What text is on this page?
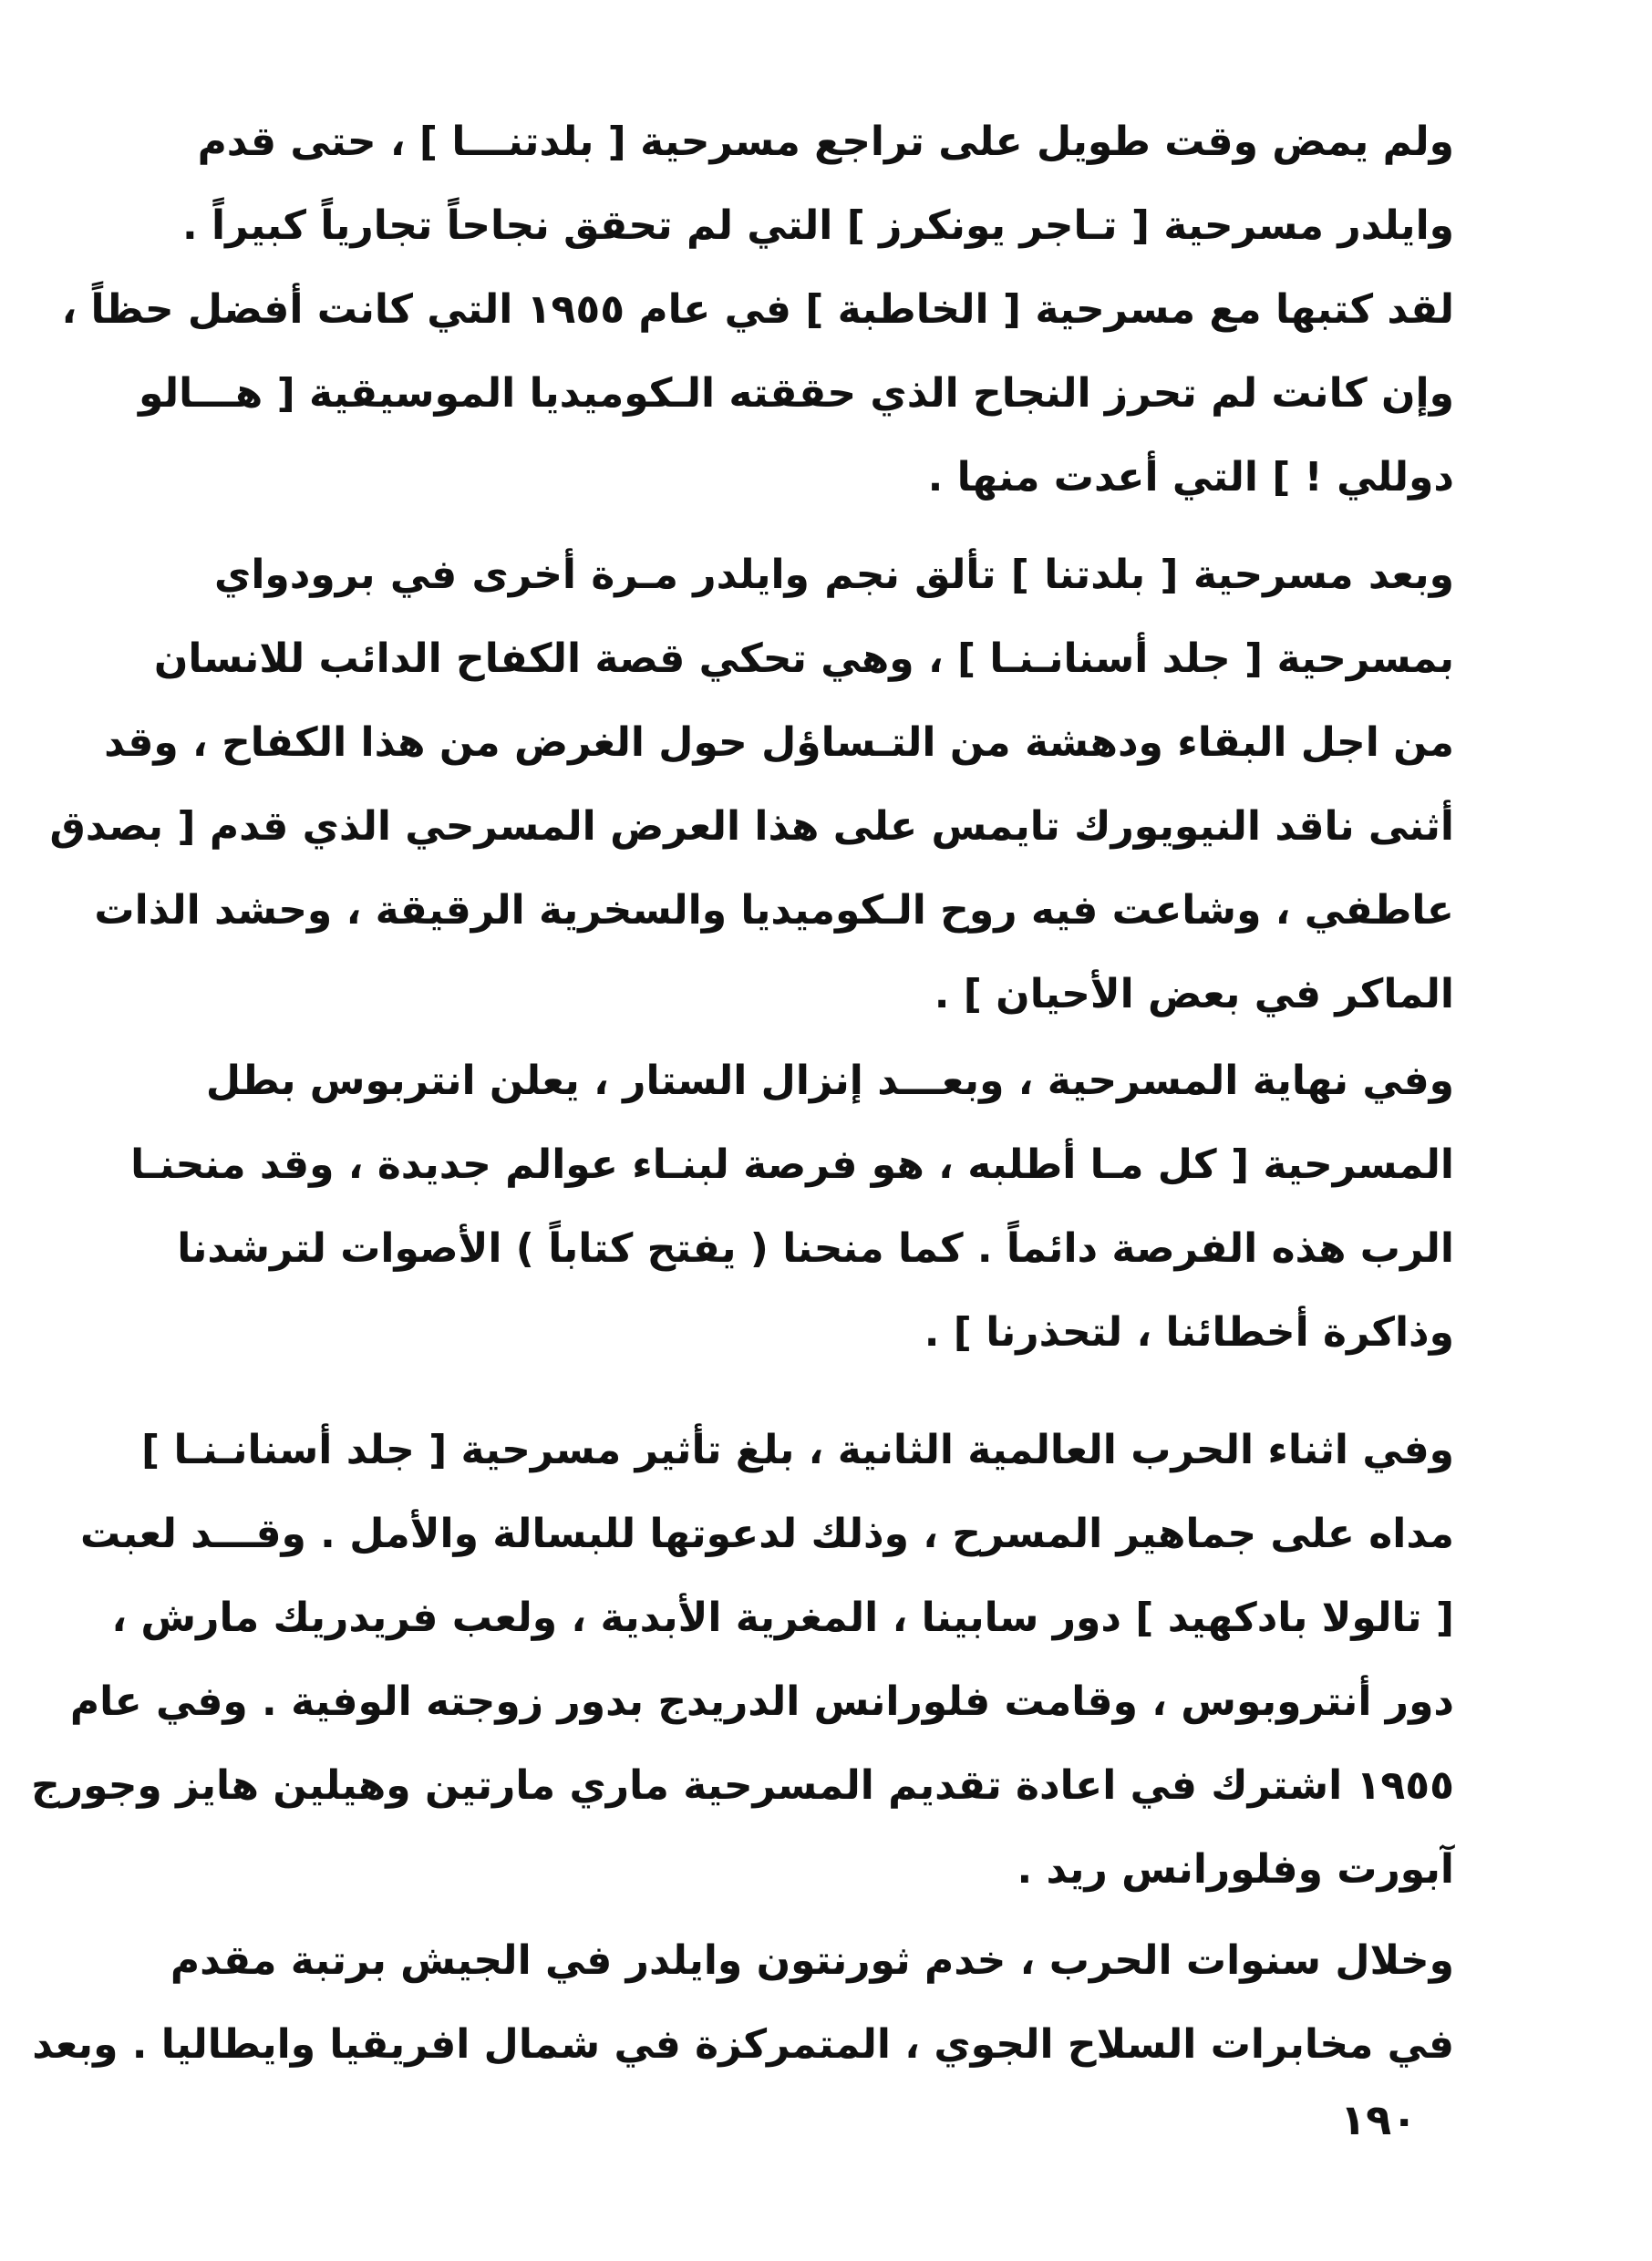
ولم يمض وقت طويل على تراجع مسرحية [ بلدتنـــا ] ، حتى قدم
وايلدر مسرحية [ تـاجر يونكرز ] التي لم تحقق نجاحاً تجارياً كبيراً .
لقد كتبها مع مسرحية [ الخاطبة ] في عام ١٩٥٥ التي كانت أفضل حظاً ،
وإن كانت لم تحرز النجاح الذي حققته الـكوميديا الموسيقية [ هـــالو
دوللي ! ] التي أعدت منها .
وبعد مسرحية [ بلدتنا ] تألق نجم وايلدر مـرة أخرى في برودواي
بمسرحية [ جلد أسنانـنـا ] ، وهي تحكي قصة الكفاح الدائب للانسان
من اجل البقاء ودهشة من التـساؤل حول الغرض من هذا الكفاح ، وقد
أثنى ناقد النيويورك تايمس على هذا العرض المسرحي الذي قدم [ بصدق
عاطفي ، وشاعت فيه روح الـكوميديا والسخرية الرقيقة ، وحشد الذات
الماكر في بعض الأحيان ] .
وفي نهاية المسرحية ، وبعـــد إنزال الستار ، يعلن انتربوس بطل
المسرحية [ كل مـا أطلبه ، هو فرصة لبنـاء عوالم جديدة ، وقد منحنـا
الرب هذه الفرصة دائماً . كما منحنا ( يفتح كتاباً ) الأصوات لترشدنا
وذاكرة أخطائنا ، لتحذرنا ] .
وفي اثناء الحرب العالمية الثانية ، بلغ تأثير مسرحية [ جلد أسنانـنـا ]
مداه على جماهير المسرح ، وذلك لدعوتها للبسالة والأمل . وقـــد لعبت
[ تالولا بادكهيد ] دور سابينا ، المغرية الأبدية ، ولعب فريدريك مارش ،
دور أنتروبوس ، وقامت فلورانس الدريدج بدور زوجته الوفية . وفي عام
١٩٥٥ اشترك في اعادة تقديم المسرحية ماري مارتين وهيلين هايز وجورج
آبورت وفلورانس ريد .
وخلال سنوات الحرب ، خدم ثورنتون وايلدر في الجيش برتبة مقدم
في مخابرات السلاح الجوي ، المتمركزة في شمال افريقيا وايطاليا . وبعد
١٩٠
